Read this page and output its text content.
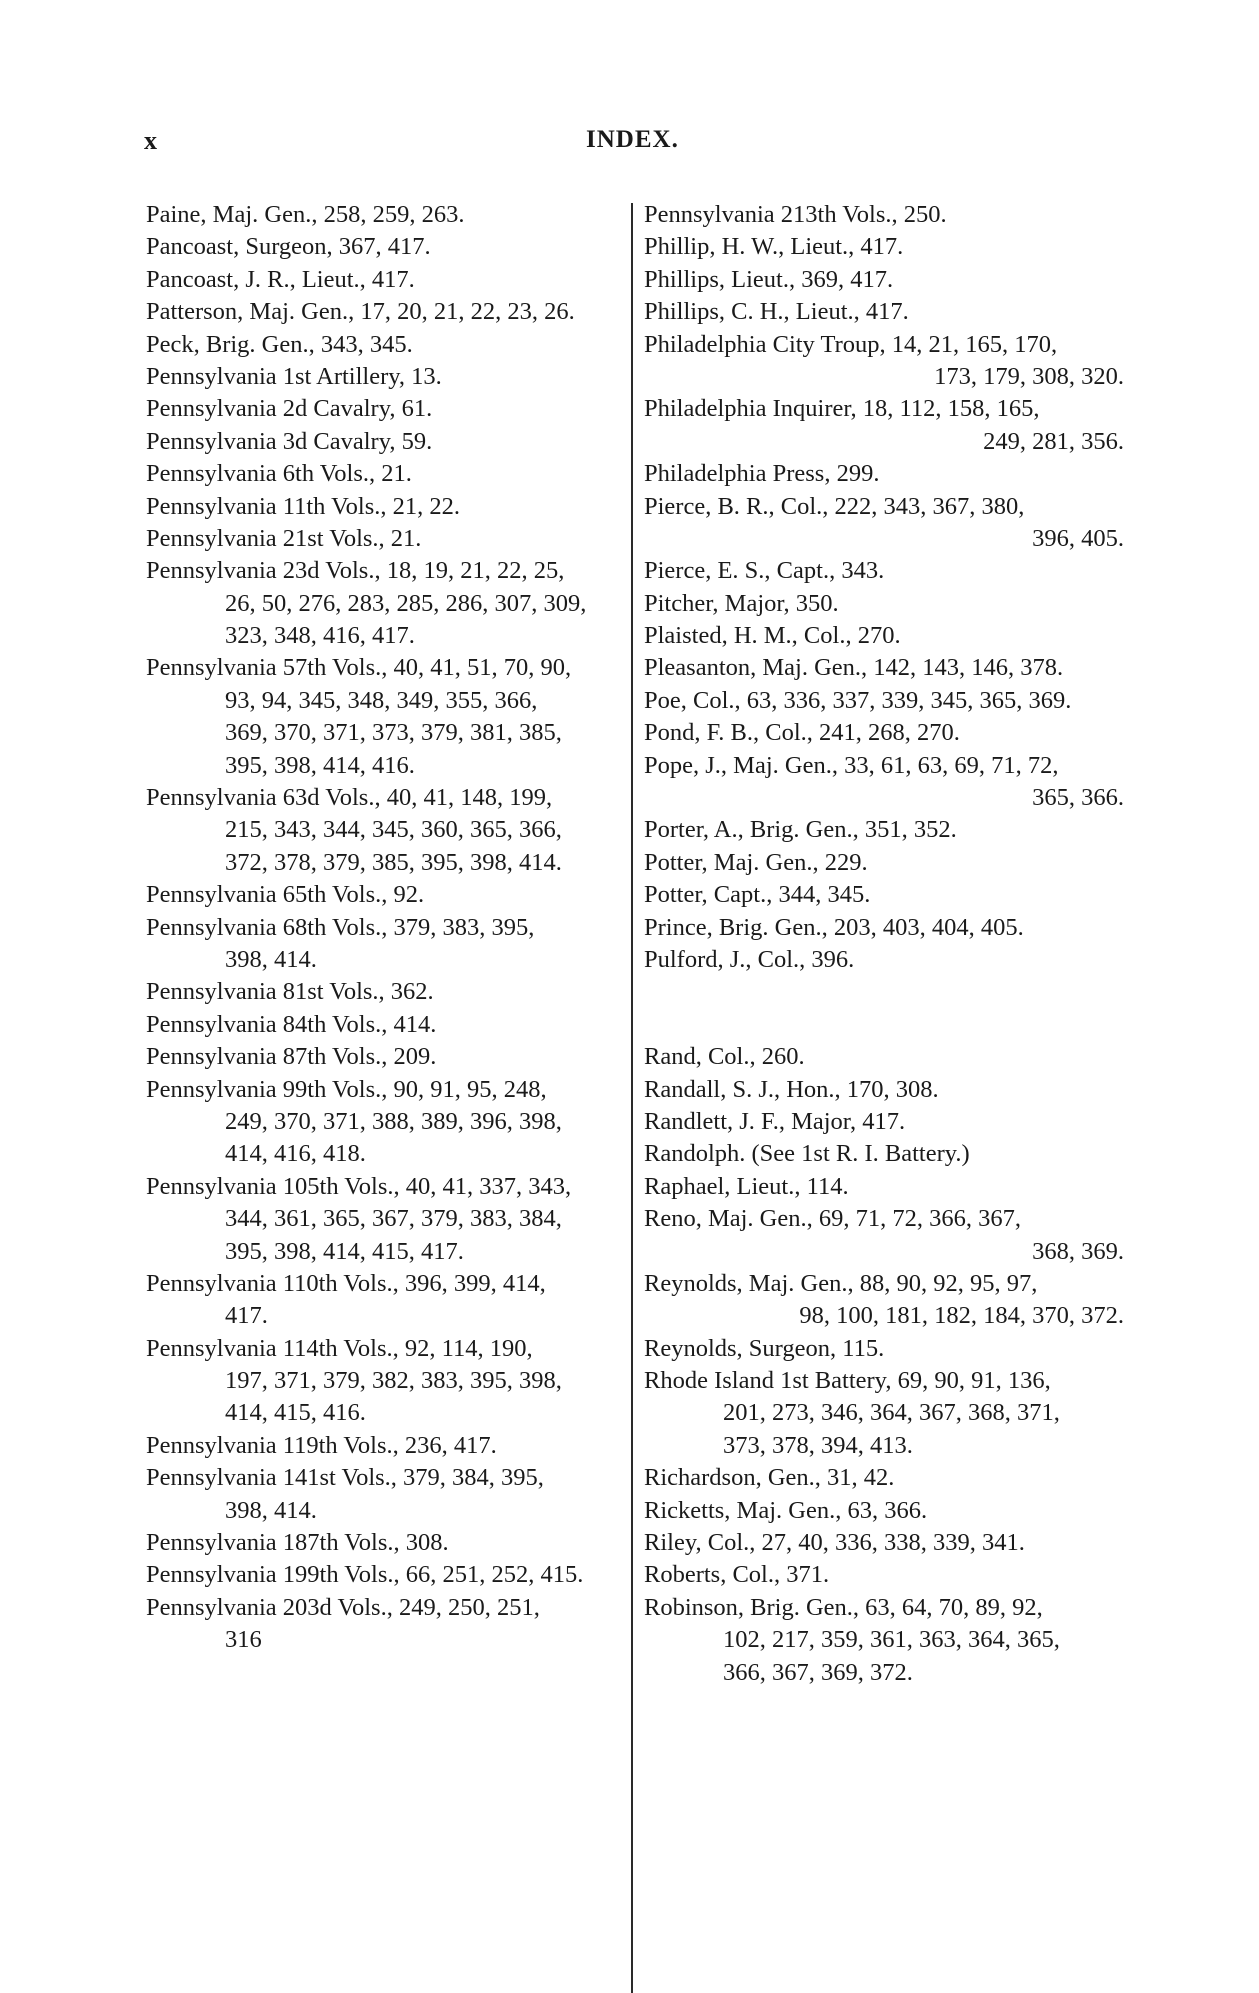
x	INDEX.
Paine, Maj. Gen., 258, 259, 263.
Pancoast, Surgeon, 367, 417.
Pancoast, J. R., Lieut., 417.
Patterson, Maj. Gen., 17, 20, 21, 22, 23, 26.
Peck, Brig. Gen., 343, 345.
Pennsylvania 1st Artillery, 13.
Pennsylvania 2d Cavalry, 61.
Pennsylvania 3d Cavalry, 59.
Pennsylvania 6th Vols., 21.
Pennsylvania 11th Vols., 21, 22.
Pennsylvania 21st Vols., 21.
Pennsylvania 23d Vols., 18, 19, 21, 22, 25,
26, 50, 276, 283, 285, 286, 307, 309,
323, 348, 416, 417.
Pennsylvania 57th Vols., 40, 41, 51, 70, 90,
93, 94, 345, 348, 349, 355, 366,
369, 370, 371, 373, 379, 381, 385,
395, 398, 414, 416.
Pennsylvania 63d Vols., 40, 41, 148, 199,
215, 343, 344, 345, 360, 365, 366,
372, 378, 379, 385, 395, 398, 414.
Pennsylvania 65th Vols., 92.
Pennsylvania 68th Vols., 379, 383, 395,
398, 414.
Pennsylvania 81st Vols., 362.
Pennsylvania 84th Vols., 414.
Pennsylvania 87th Vols., 209.
Pennsylvania 99th Vols., 90, 91, 95, 248,
249, 370, 371, 388, 389, 396, 398,
414, 416, 418.
Pennsylvania 105th Vols., 40, 41, 337, 343,
344, 361, 365, 367, 379, 383, 384,
395, 398, 414, 415, 417.
Pennsylvania 110th Vols., 396, 399, 414,
417.
Pennsylvania 114th Vols., 92, 114, 190,
197, 371, 379, 382, 383, 395, 398,
414, 415, 416.
Pennsylvania 119th Vols., 236, 417.
Pennsylvania 141st Vols., 379, 384, 395,
398, 414.
Pennsylvania 187th Vols., 308.
Pennsylvania 199th Vols., 66, 251, 252, 415.
Pennsylvania 203d Vols., 249, 250, 251,
316
Pennsylvania 213th Vols., 250.
Phillip, H. W., Lieut., 417.
Phillips, Lieut., 369, 417.
Phillips, C. H., Lieut., 417.
Philadelphia City Troup, 14, 21, 165, 170,
173, 179, 308, 320.
Philadelphia Inquirer, 18, 112, 158, 165,
249, 281, 356.
Philadelphia Press, 299.
Pierce, B. R., Col., 222, 343, 367, 380,
396, 405.
Pierce, E. S., Capt., 343.
Pitcher, Major, 350.
Plaisted, H. M., Col., 270.
Pleasanton, Maj. Gen., 142, 143, 146, 378.
Poe, Col., 63, 336, 337, 339, 345, 365, 369.
Pond, F. B., Col., 241, 268, 270.
Pope, J., Maj. Gen., 33, 61, 63, 69, 71, 72,
365, 366.
Porter, A., Brig. Gen., 351, 352.
Potter, Maj. Gen., 229.
Potter, Capt., 344, 345.
Prince, Brig. Gen., 203, 403, 404, 405.
Pulford, J., Col., 396.
Rand, Col., 260.
Randall, S. J., Hon., 170, 308.
Randlett, J. F., Major, 417.
Randolph. (See 1st R. I. Battery.)
Raphael, Lieut., 114.
Reno, Maj. Gen., 69, 71, 72, 366, 367,
368, 369.
Reynolds, Maj. Gen., 88, 90, 92, 95, 97,
98, 100, 181, 182, 184, 370, 372.
Reynolds, Surgeon, 115.
Rhode Island 1st Battery, 69, 90, 91, 136,
201, 273, 346, 364, 367, 368, 371,
373, 378, 394, 413.
Richardson, Gen., 31, 42.
Ricketts, Maj. Gen., 63, 366.
Riley, Col., 27, 40, 336, 338, 339, 341.
Roberts, Col., 371.
Robinson, Brig. Gen., 63, 64, 70, 89, 92,
102, 217, 359, 361, 363, 364, 365,
366, 367, 369, 372.
